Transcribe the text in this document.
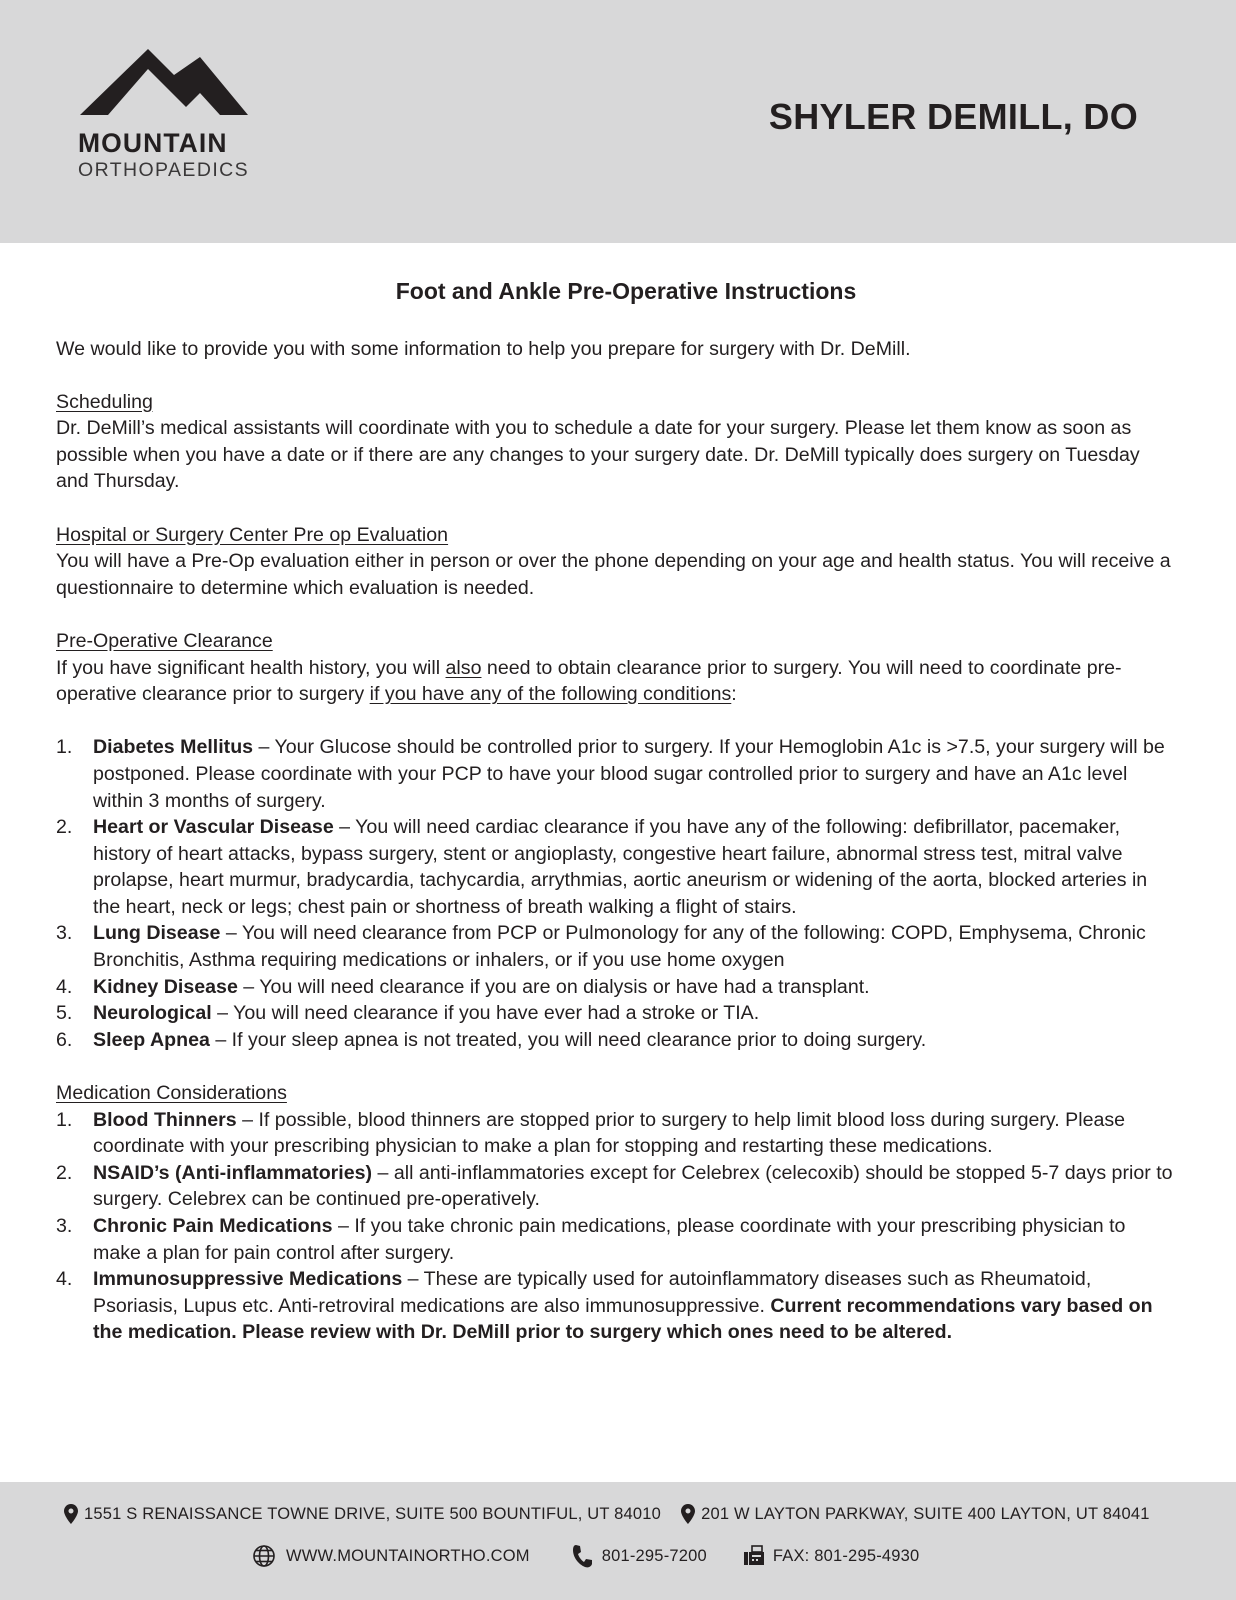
MOUNTAIN
ORTHOPAEDICS
SHYLER DEMILL, DO
Foot and Ankle Pre-Operative Instructions

We would like to provide you with some information to help you prepare for surgery with Dr. DeMill.

Scheduling

Dr. DeMill’s medical assistants will coordinate with you to schedule a date for your surgery. Please let them know as soon as possible when you have a date or if there are any changes to your surgery date. Dr. DeMill typically does surgery on Tuesday and Thursday.

Hospital or Surgery Center Pre op Evaluation

You will have a Pre-Op evaluation either in person or over the phone depending on your age and health status. You will receive a questionnaire to determine which evaluation is needed.

Pre-Operative Clearance

If you have significant health history, you will also need to obtain clearance prior to surgery. You will need to coordinate pre-operative clearance prior to surgery if you have any of the following conditions:

1. Diabetes Mellitus – Your Glucose should be controlled prior to surgery. If your Hemoglobin A1c is >7.5, your surgery will be postponed. Please coordinate with your PCP to have your blood sugar controlled prior to surgery and have an A1c level within 3 months of surgery.
2. Heart or Vascular Disease – You will need cardiac clearance if you have any of the following: defibrillator, pacemaker, history of heart attacks, bypass surgery, stent or angioplasty, congestive heart failure, abnormal stress test, mitral valve prolapse, heart murmur, bradycardia, tachycardia, arrythmias, aortic aneurism or widening of the aorta, blocked arteries in the heart, neck or legs; chest pain or shortness of breath walking a flight of stairs.
3. Lung Disease – You will need clearance from PCP or Pulmonology for any of the following: COPD, Emphysema, Chronic Bronchitis, Asthma requiring medications or inhalers, or if you use home oxygen
4. Kidney Disease – You will need clearance if you are on dialysis or have had a transplant.
5. Neurological – You will need clearance if you have ever had a stroke or TIA.
6. Sleep Apnea – If your sleep apnea is not treated, you will need clearance prior to doing surgery.
Medication Considerations
1. Blood Thinners – If possible, blood thinners are stopped prior to surgery to help limit blood loss during surgery. Please coordinate with your prescribing physician to make a plan for stopping and restarting these medications.
2. NSAID’s (Anti-inflammatories) – all anti-inflammatories except for Celebrex (celecoxib) should be stopped 5-7 days prior to surgery. Celebrex can be continued pre-operatively.
3. Chronic Pain Medications – If you take chronic pain medications, please coordinate with your prescribing physician to make a plan for pain control after surgery.
4. Immunosuppressive Medications – These are typically used for autoinflammatory diseases such as Rheumatoid, Psoriasis, Lupus etc. Anti-retroviral medications are also immunosuppressive. Current recommendations vary based on the medication. Please review with Dr. DeMill prior to surgery which ones need to be altered.
1551 S RENAISSANCE TOWNE DRIVE, SUITE 500 BOUNTIFUL, UT 84010 201 W LAYTON PARKWAY, SUITE 400 LAYTON, UT 84041
WWW.MOUNTAINORTHO.COM	801-295-7200	FAX: 801-295-4930
